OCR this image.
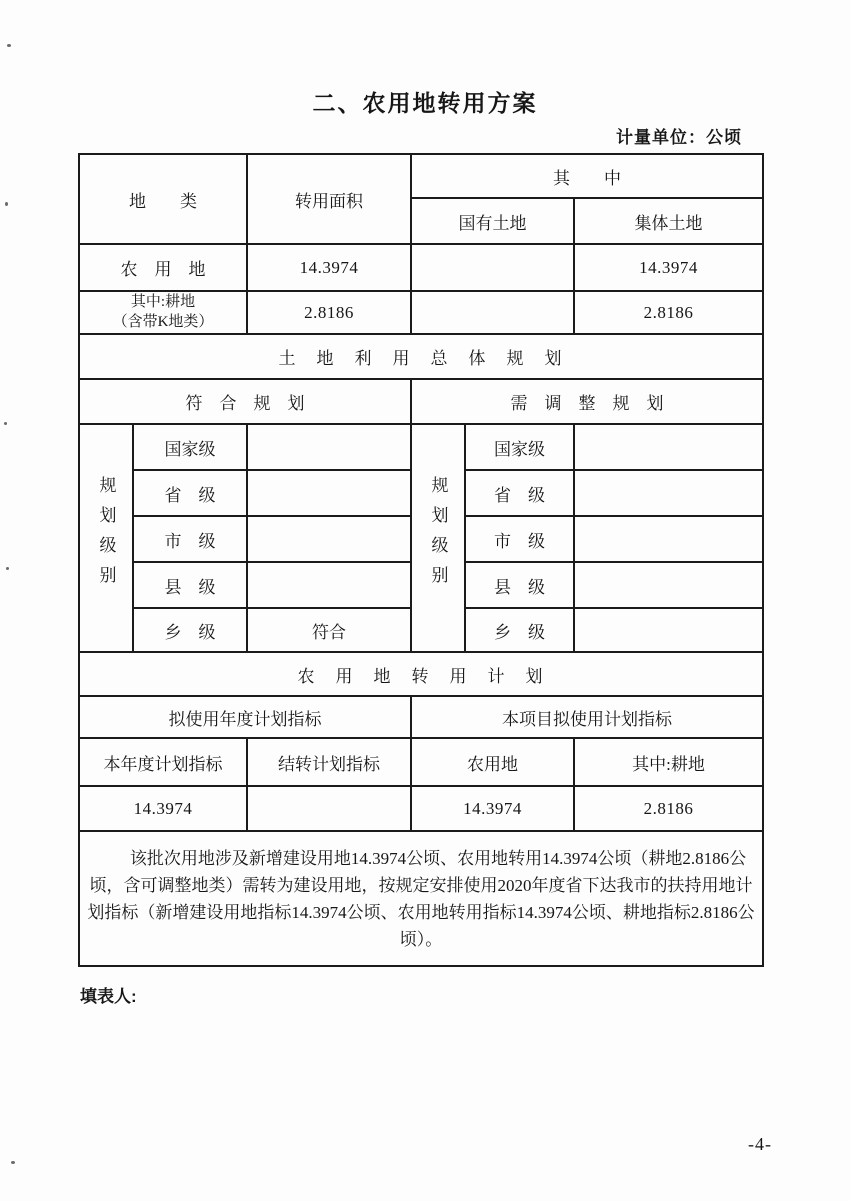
二、农用地转用方案
计量单位：公顷
地　　类		转用面积	其　　中		
			国有土地		集体土地
农　用　地		14.3974			14.3974

其中:耕地
（含带K地类）		2.8186			2.8186
土　地　利　用　总　体　规　划					
符　合　规　划			需　调　整　规　划		
规划级别	国家级		规划级别	国家级	
	省　级			省　级	
	市　级			市　级	
	县　级			县　级	
	乡　级	符合		乡　级	
农　用　地　转　用　计　划					
拟使用年度计划指标			本项目拟使用计划指标		
本年度计划指标		结转计划指标	农用地		其中:耕地
14.3974			14.3974		2.8186

该批次用地涉及新增建设用地14.3974公顷、农用地转用14.3974公顷（耕地2.8186公顷，含可调整地类）需转为建设用地，按规定安排使用2020年度省下达我市的扶持用地计划指标（新增建设用地指标14.3974公顷、农用地转用指标14.3974公顷、耕地指标2.8186公顷）。					

填表人:
-4-
